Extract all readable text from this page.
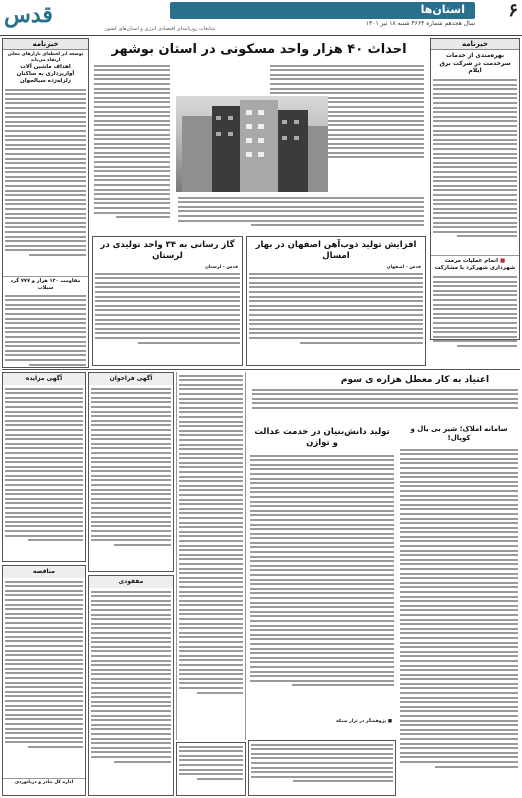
قدس
شایعات روزنامه‌ای اقتصادی انرژی و استان‌های کشور
استان‌ها
سال هجدهم شماره ۴۶۶۴ شنبه ۱۸ تیر ۱۴۰۱
۶
خبرنامه
بهره‌مندی از خدمات سرخدمت در شرکت برق ایلام
■ اتمام عملیات مرمت شهرداری شهرکرد با مشارکت
احداث ۴۰ هزار واحد مسکونی در استان بوشهر
خبرنامه
توسعه ابر لحظه‌ای بازارهای محلی ارتقاء می‌یابد
اهداف ماشین آلات آوارپرداری به ساکنان زلزله‌زده سیالجوان
مقاومت ۱۲۰ هزار و ۷۷۷ گرد سیلاب
افزایش تولید ذوب‌آهن اصفهان در بهار امسال
قدس - اصفهان
گاز رسانی به ۳۴ واحد تولیدی در لرستان
قدس - لرستان
اعتیاد به کار معطل هزاره ی سوم
سامانه املاک؛ شیر بی یال و کوپال!
تولید دانش‌بنیان در خدمت عدالت و توازن
■ پژوهشگر در تراز شبکه
آگهی مزایده	آگهی فراخوان
مناقصه
اداره کل بنادر و دریانوردی
مفقودی
